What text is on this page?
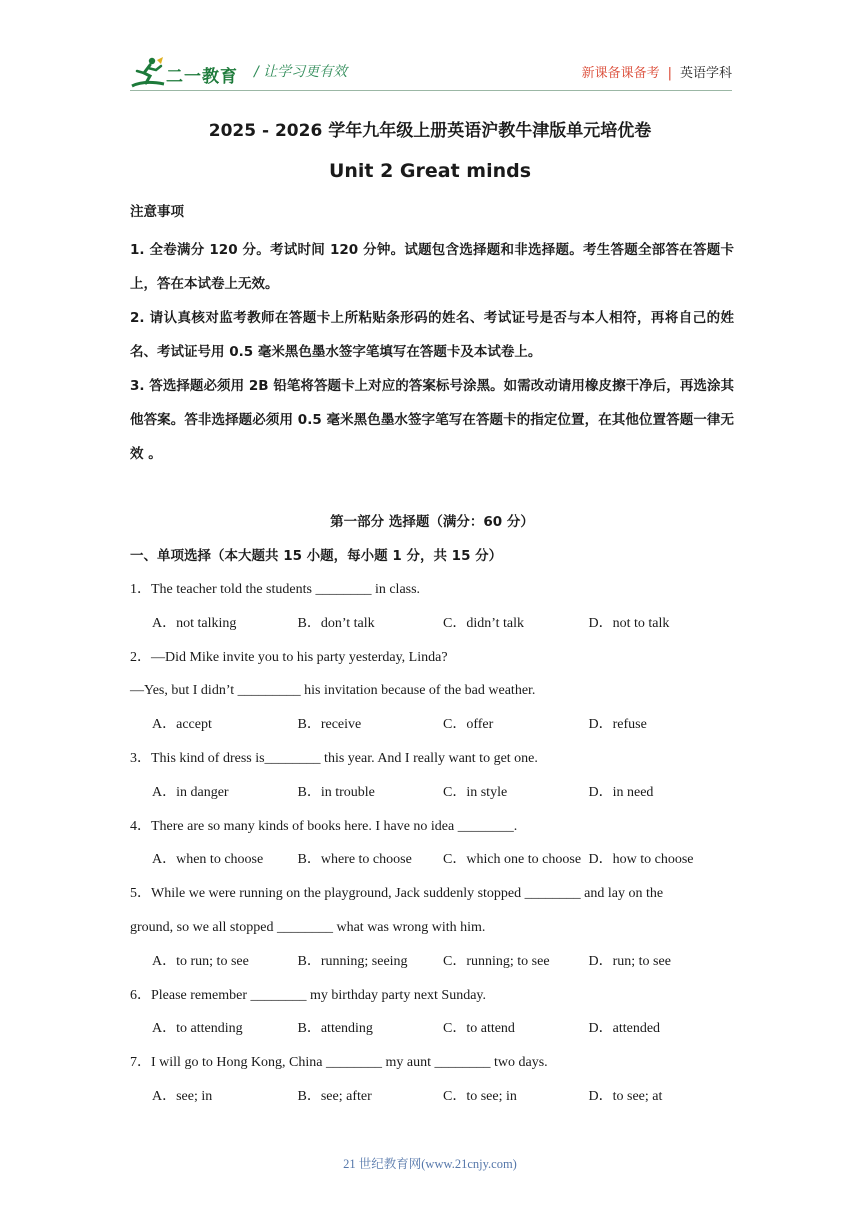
二一教育 / 让学习更有效	新课备课备考 | 英语学科
2025 - 2026 学年九年级上册英语沪教牛津版单元培优卷
Unit 2 Great minds
注意事项

1. 全卷满分 120 分。考试时间 120 分钟。试题包含选择题和非选择题。考生答题全部答在答题卡上，答在本试卷上无效。

2. 请认真核对监考教师在答题卡上所粘贴条形码的姓名、考试证号是否与本人相符，再将自己的姓名、考试证号用 0.5 毫米黑色墨水签字笔填写在答题卡及本试卷上。

3. 答选择题必须用 2B 铅笔将答题卡上对应的答案标号涂黑。如需改动请用橡皮擦干净后，再选涂其他答案。答非选择题必须用 0.5 毫米黑色墨水签字笔写在答题卡的指定位置，在其他位置答题一律无效 。

第一部分 选择题（满分：60 分）
一、单项选择（本大题共 15 小题，每小题 1 分，共 15 分）
1．The teacher told the students ________ in class.
A．not talking	B．don’t talk	C．didn’t talk	D．not to talk
2．—Did Mike invite you to his party yesterday, Linda?
—Yes, but I didn’t _________ his invitation because of the bad weather.
A．accept	B．receive	C．offer	D．refuse
3．This kind of dress is________ this year. And I really want to get one.
A．in danger	B．in trouble	C．in style	D．in need
4．There are so many kinds of books here. I have no idea ________.
A．when to choose	B．where to choose	C．which one to choose D．how to choose
5．While we were running on the playground, Jack suddenly stopped ________ and lay on the
ground, so we all stopped ________ what was wrong with him.
A．to run; to see	B．running; seeing	C．running; to see	D．run; to see
6．Please remember ________ my birthday party next Sunday.
A．to attending	B．attending	C．to attend	D．attended
7．I will go to Hong Kong, China ________ my aunt ________ two days.
A．see; in	B．see; after	C．to see; in	D．to see; at
21 世纪教育网(www.21cnjy.com)
